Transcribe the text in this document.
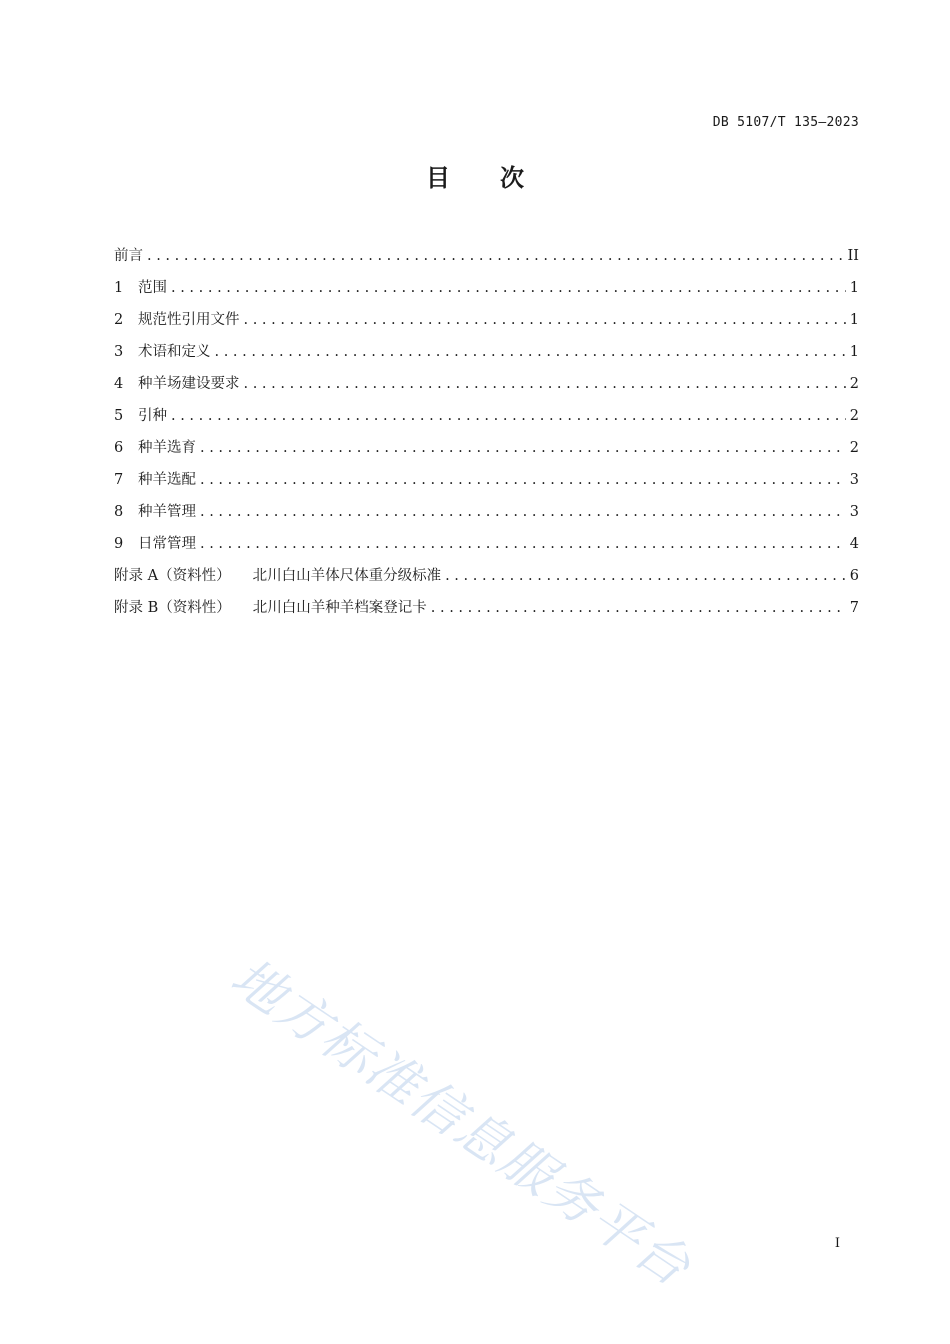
DB 5107/T 135—2023
目 次
前言 . . .	II
1	范围 . . .	1
2	规范性引用文件 . . .	1
3	术语和定义 . . .	1
4	种羊场建设要求 . . .	2
5	引种 . . .	2
6	种羊选育 . . .	2
7	种羊选配 . . .	3
8	种羊管理 . . .	3
9	日常管理 . . .	4
附录 A（资料性） 北川白山羊体尺体重分级标准 . . .	6
附录 B（资料性） 北川白山羊种羊档案登记卡 . . .	7
地方标准信息服务平台	I
